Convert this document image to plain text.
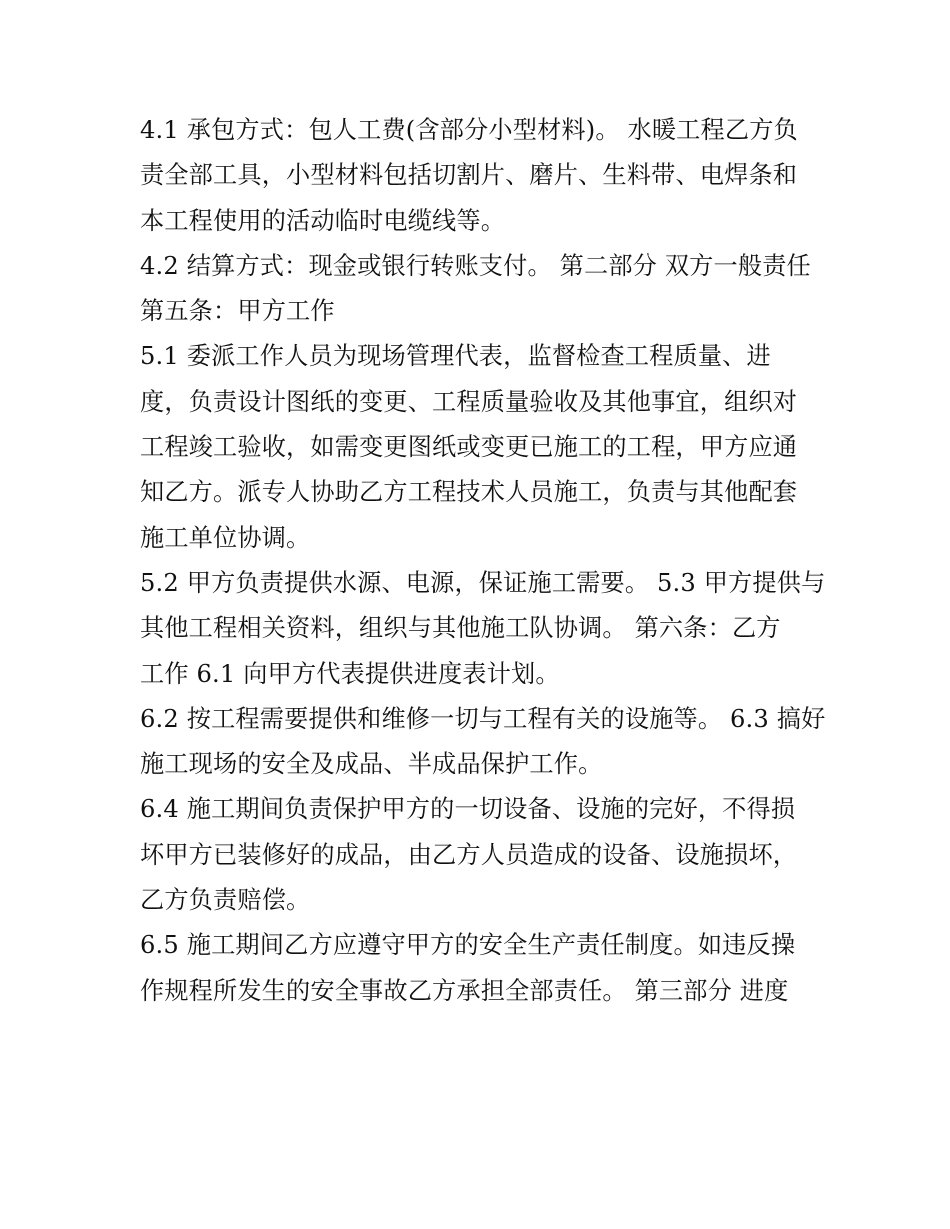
4.1 承包方式：包人工费(含部分小型材料)。 水暖工程乙方负

责全部工具，小型材料包括切割片、磨片、生料带、电焊条和

本工程使用的活动临时电缆线等。

4.2 结算方式：现金或银行转账支付。 第二部分 双方一般责任

第五条：甲方工作

5.1 委派工作人员为现场管理代表，监督检查工程质量、进

度，负责设计图纸的变更、工程质量验收及其他事宜，组织对

工程竣工验收，如需变更图纸或变更已施工的工程，甲方应通

知乙方。派专人协助乙方工程技术人员施工，负责与其他配套

施工单位协调。

5.2 甲方负责提供水源、电源，保证施工需要。 5.3 甲方提供与

其他工程相关资料，组织与其他施工队协调。 第六条：乙方

工作 6.1 向甲方代表提供进度表计划。

6.2 按工程需要提供和维修一切与工程有关的设施等。 6.3 搞好

施工现场的安全及成品、半成品保护工作。

6.4 施工期间负责保护甲方的一切设备、设施的完好，不得损

坏甲方已装修好的成品，由乙方人员造成的设备、设施损坏，

乙方负责赔偿。

6.5 施工期间乙方应遵守甲方的安全生产责任制度。如违反操

作规程所发生的安全事故乙方承担全部责任。 第三部分 进度
